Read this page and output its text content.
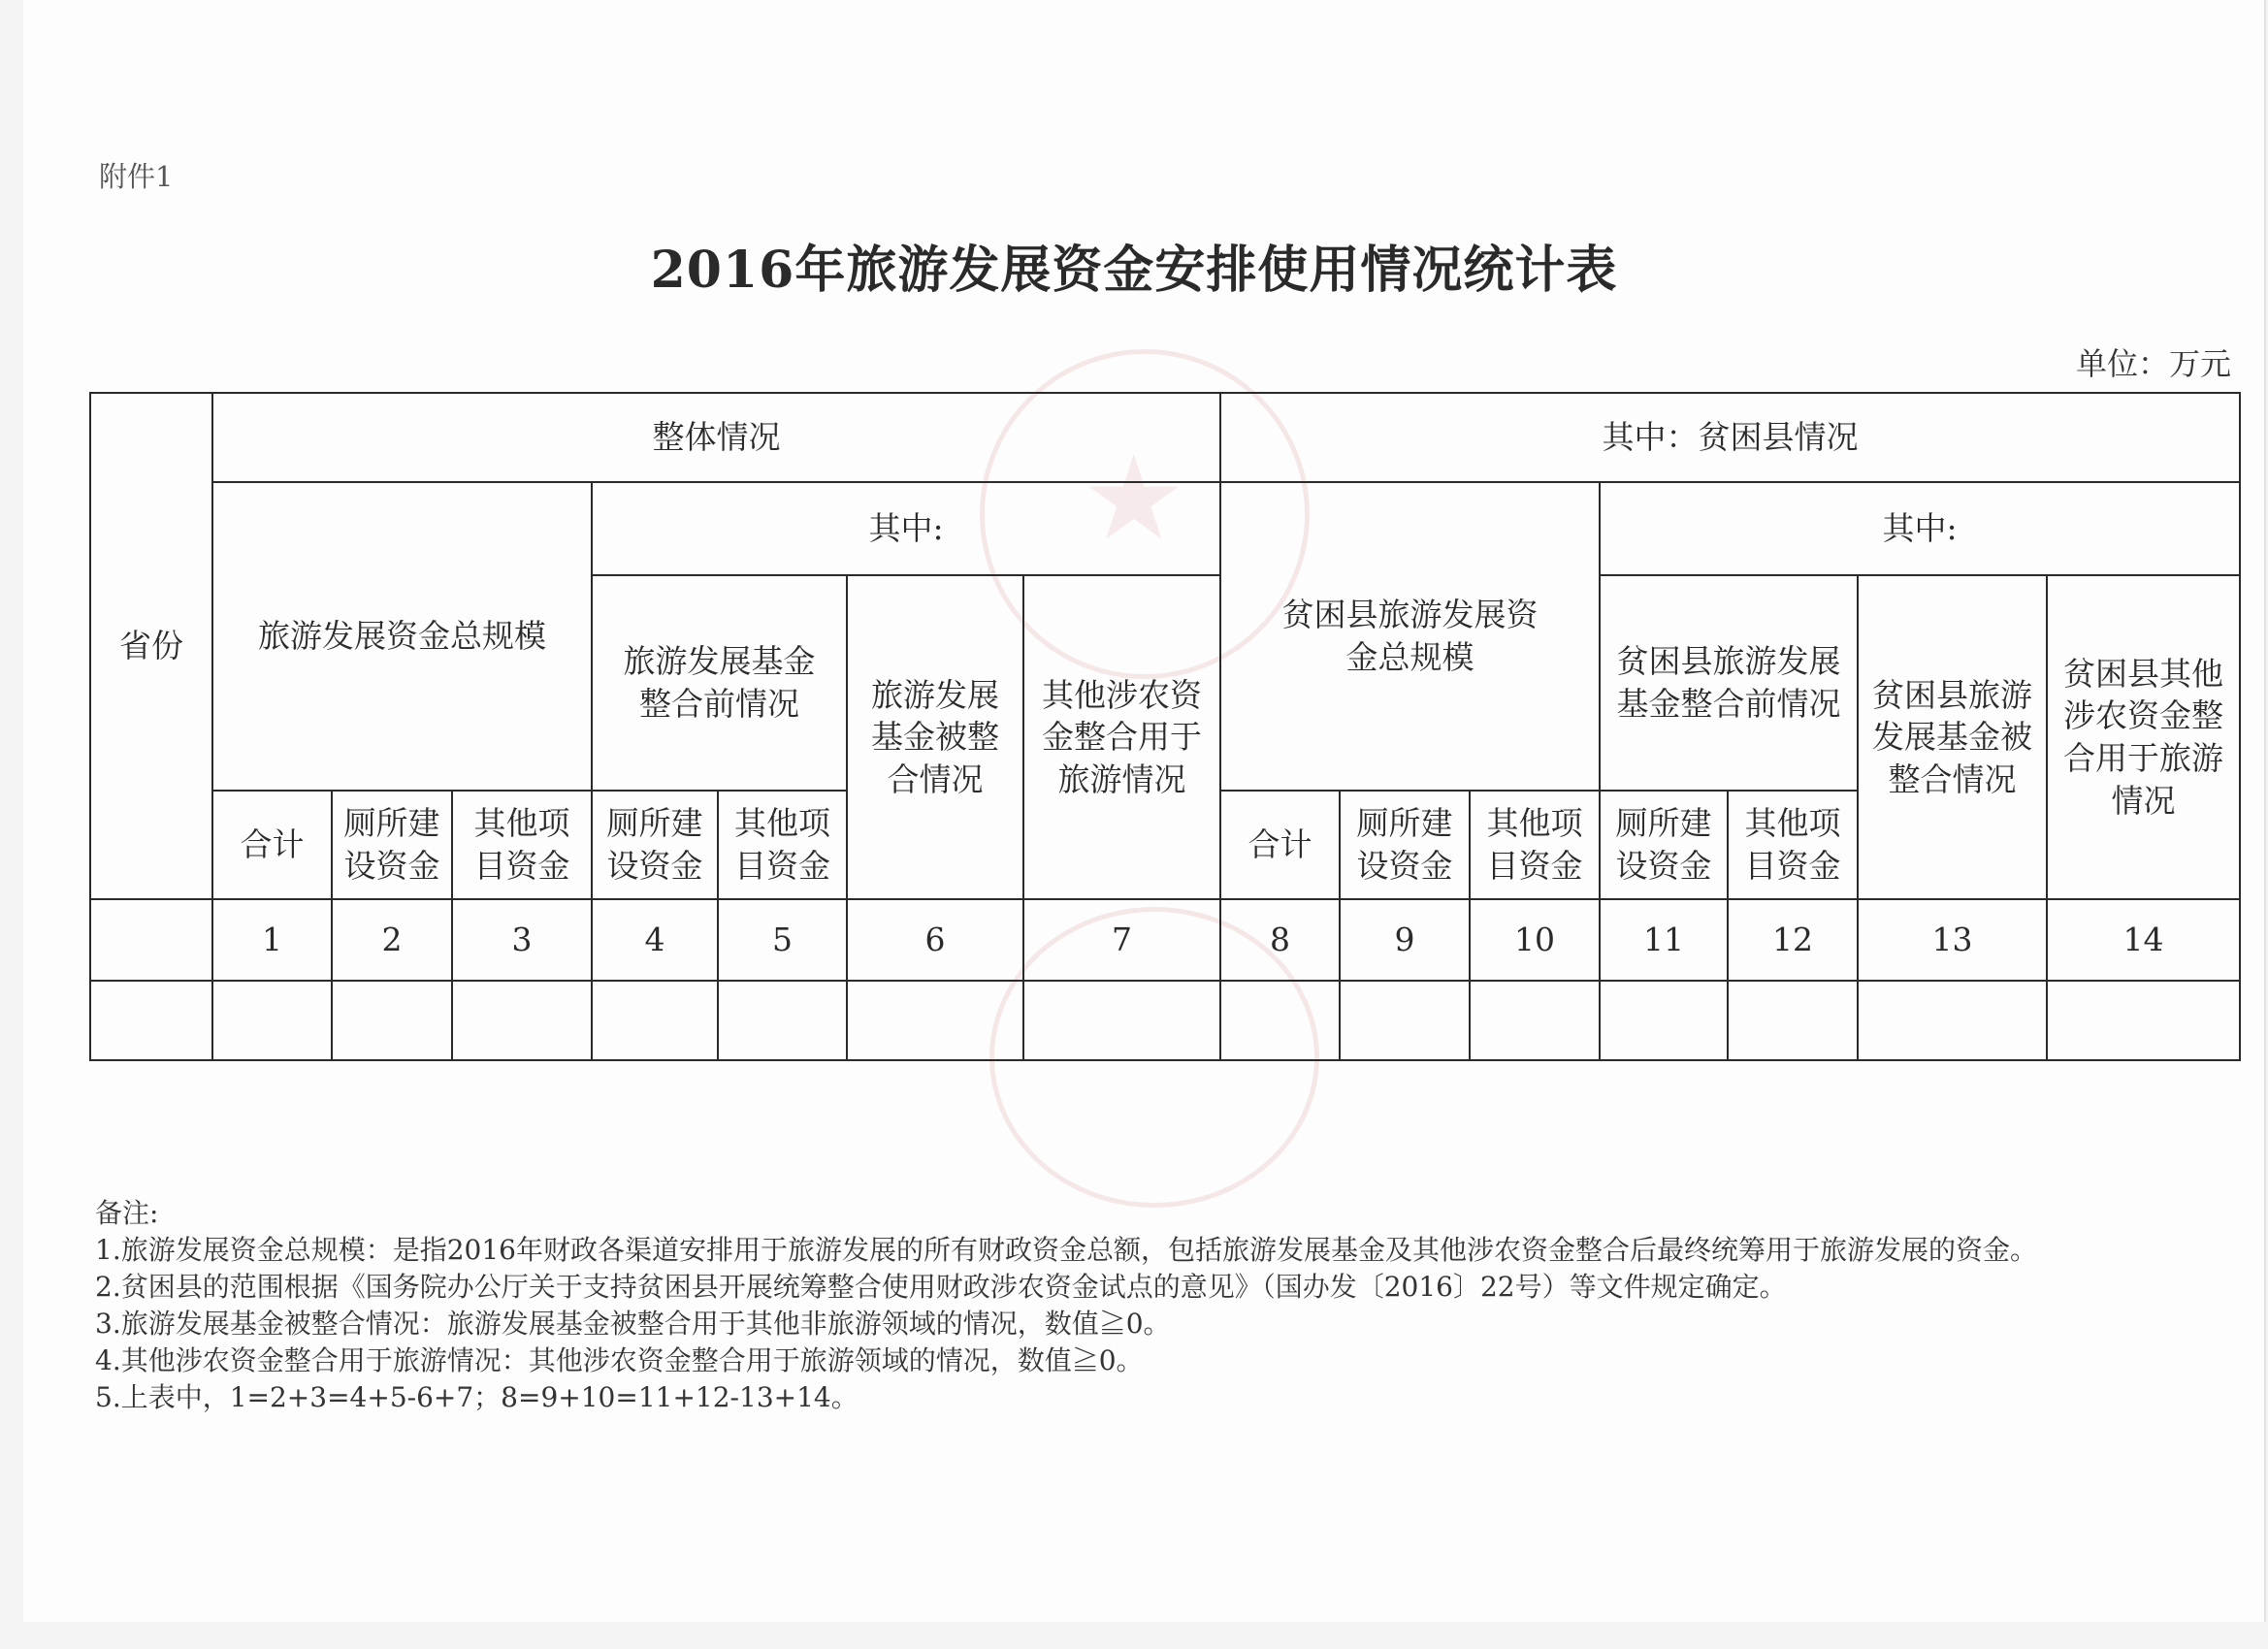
★
附件1
2016年旅游发展资金安排使用情况统计表
单位：万元
省份	整体情况							其中：贫困县情况						
	旅游发展资金总规模			其中:				贫困县旅游发展资金总规模			其中:			
				旅游发展基金整合前情况		旅游发展基金被整合情况	其他涉农资金整合用于旅游情况				贫困县旅游发展基金整合前情况		贫困县旅游发展基金被整合情况	贫困县其他涉农资金整合用于旅游情况
	合计	厕所建设资金	其他项目资金	厕所建设资金	其他项目资金			合计	厕所建设资金	其他项目资金	厕所建设资金	其他项目资金		
	1	2	3	4	5	6	7	8	9	10	11	12	13	14

备注:
1.旅游发展资金总规模：是指2016年财政各渠道安排用于旅游发展的所有财政资金总额，包括旅游发展基金及其他涉农资金整合后最终统筹用于旅游发展的资金。
2.贫困县的范围根据《国务院办公厅关于支持贫困县开展统筹整合使用财政涉农资金试点的意见》（国办发〔2016〕22号）等文件规定确定。
3.旅游发展基金被整合情况：旅游发展基金被整合用于其他非旅游领域的情况，数值≧0。
4.其他涉农资金整合用于旅游情况：其他涉农资金整合用于旅游领域的情况，数值≧0。
5.上表中，1=2+3=4+5-6+7；8=9+10=11+12-13+14。
